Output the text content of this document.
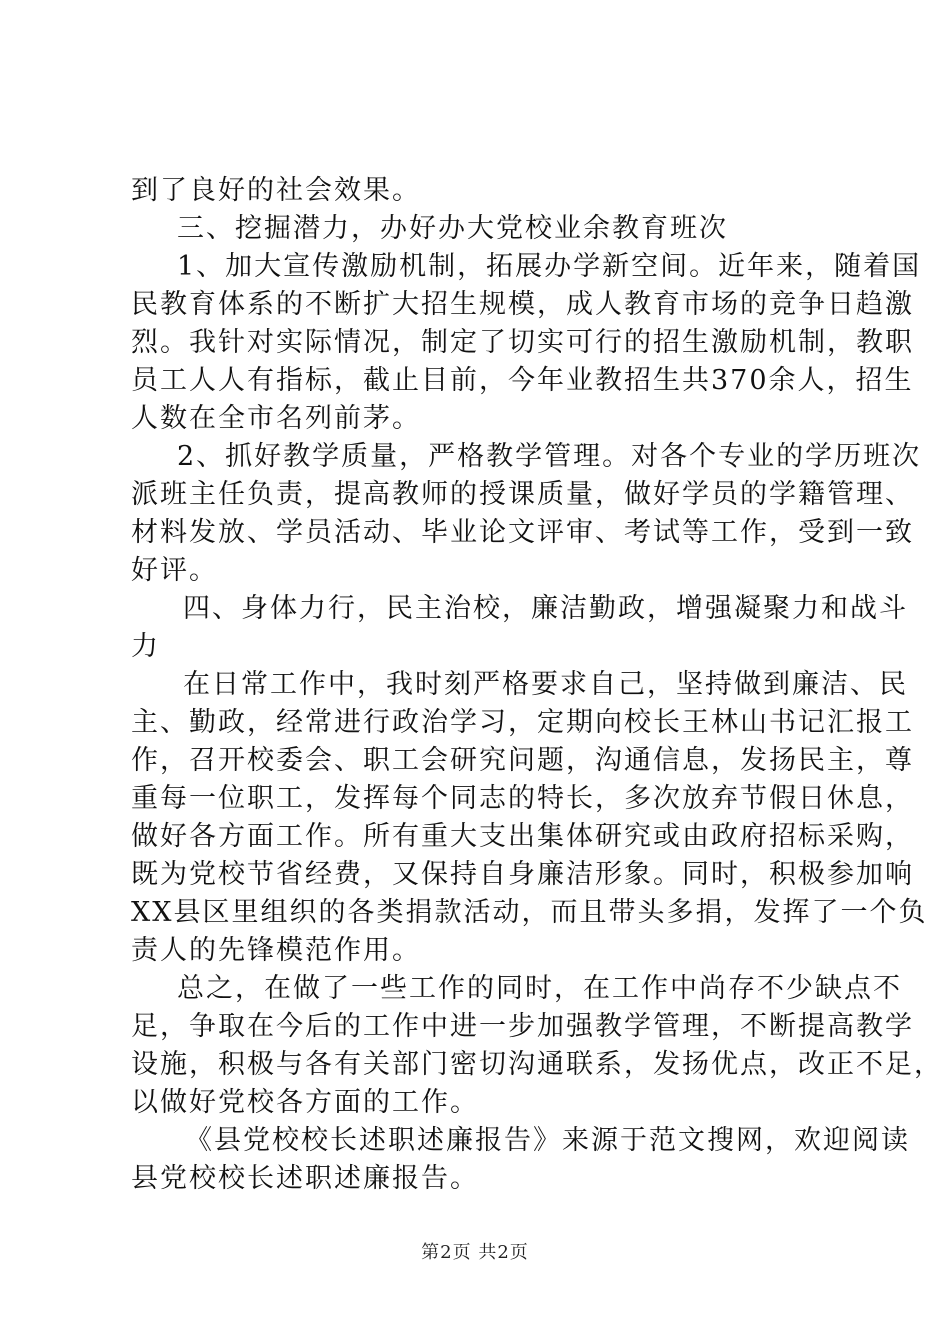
到了良好的社会效果。
三、挖掘潜力，办好办大党校业余教育班次
1、加大宣传激励机制，拓展办学新空间。近年来，随着国
民教育体系的不断扩大招生规模，成人教育市场的竞争日趋激
烈。我针对实际情况，制定了切实可行的招生激励机制，教职
员工人人有指标，截止目前，今年业教招生共370余人，招生
人数在全市名列前茅。
2、抓好教学质量，严格教学管理。对各个专业的学历班次
派班主任负责，提高教师的授课质量，做好学员的学籍管理、
材料发放、学员活动、毕业论文评审、考试等工作，受到一致
好评。
四、身体力行，民主治校，廉洁勤政，增强凝聚力和战斗
力
在日常工作中，我时刻严格要求自己，坚持做到廉洁、民
主、勤政，经常进行政治学习，定期向校长王林山书记汇报工
作，召开校委会、职工会研究问题，沟通信息，发扬民主，尊
重每一位职工，发挥每个同志的特长，多次放弃节假日休息，
做好各方面工作。所有重大支出集体研究或由政府招标采购，
既为党校节省经费，又保持自身廉洁形象。同时，积极参加响
XX县区里组织的各类捐款活动，而且带头多捐，发挥了一个负
责人的先锋模范作用。
总之，在做了一些工作的同时，在工作中尚存不少缺点不
足，争取在今后的工作中进一步加强教学管理，不断提高教学
设施，积极与各有关部门密切沟通联系，发扬优点，改正不足，
以做好党校各方面的工作。
《县党校校长述职述廉报告》来源于范文搜网，欢迎阅读
县党校校长述职述廉报告。
第2页 共2页
